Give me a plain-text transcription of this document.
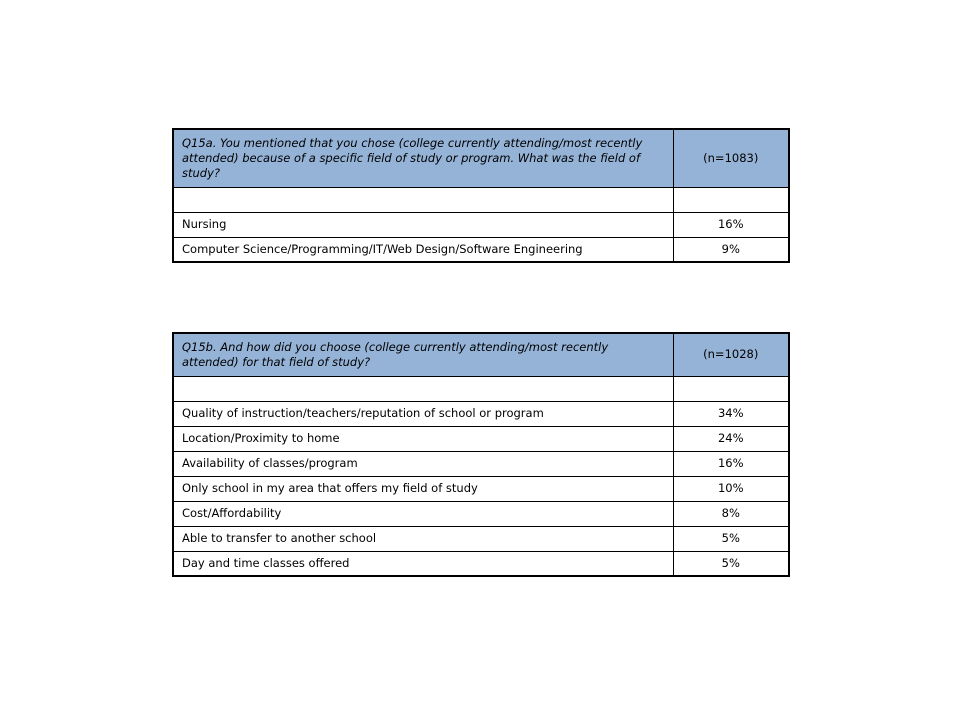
Q15a. You mentioned that you chose (college currently attending/most recently attended) because of a specific field of study or program. What was the field of study?	(n=1083)

Nursing	16%
Computer Science/Programming/IT/Web Design/Software Engineering	9%
Q15b. And how did you choose (college currently attending/most recently attended) for that field of study?	(n=1028)

Quality of instruction/teachers/reputation of school or program	34%
Location/Proximity to home	24%
Availability of classes/program	16%
Only school in my area that offers my field of study	10%
Cost/Affordability	8%
Able to transfer to another school	5%
Day and time classes offered	5%
